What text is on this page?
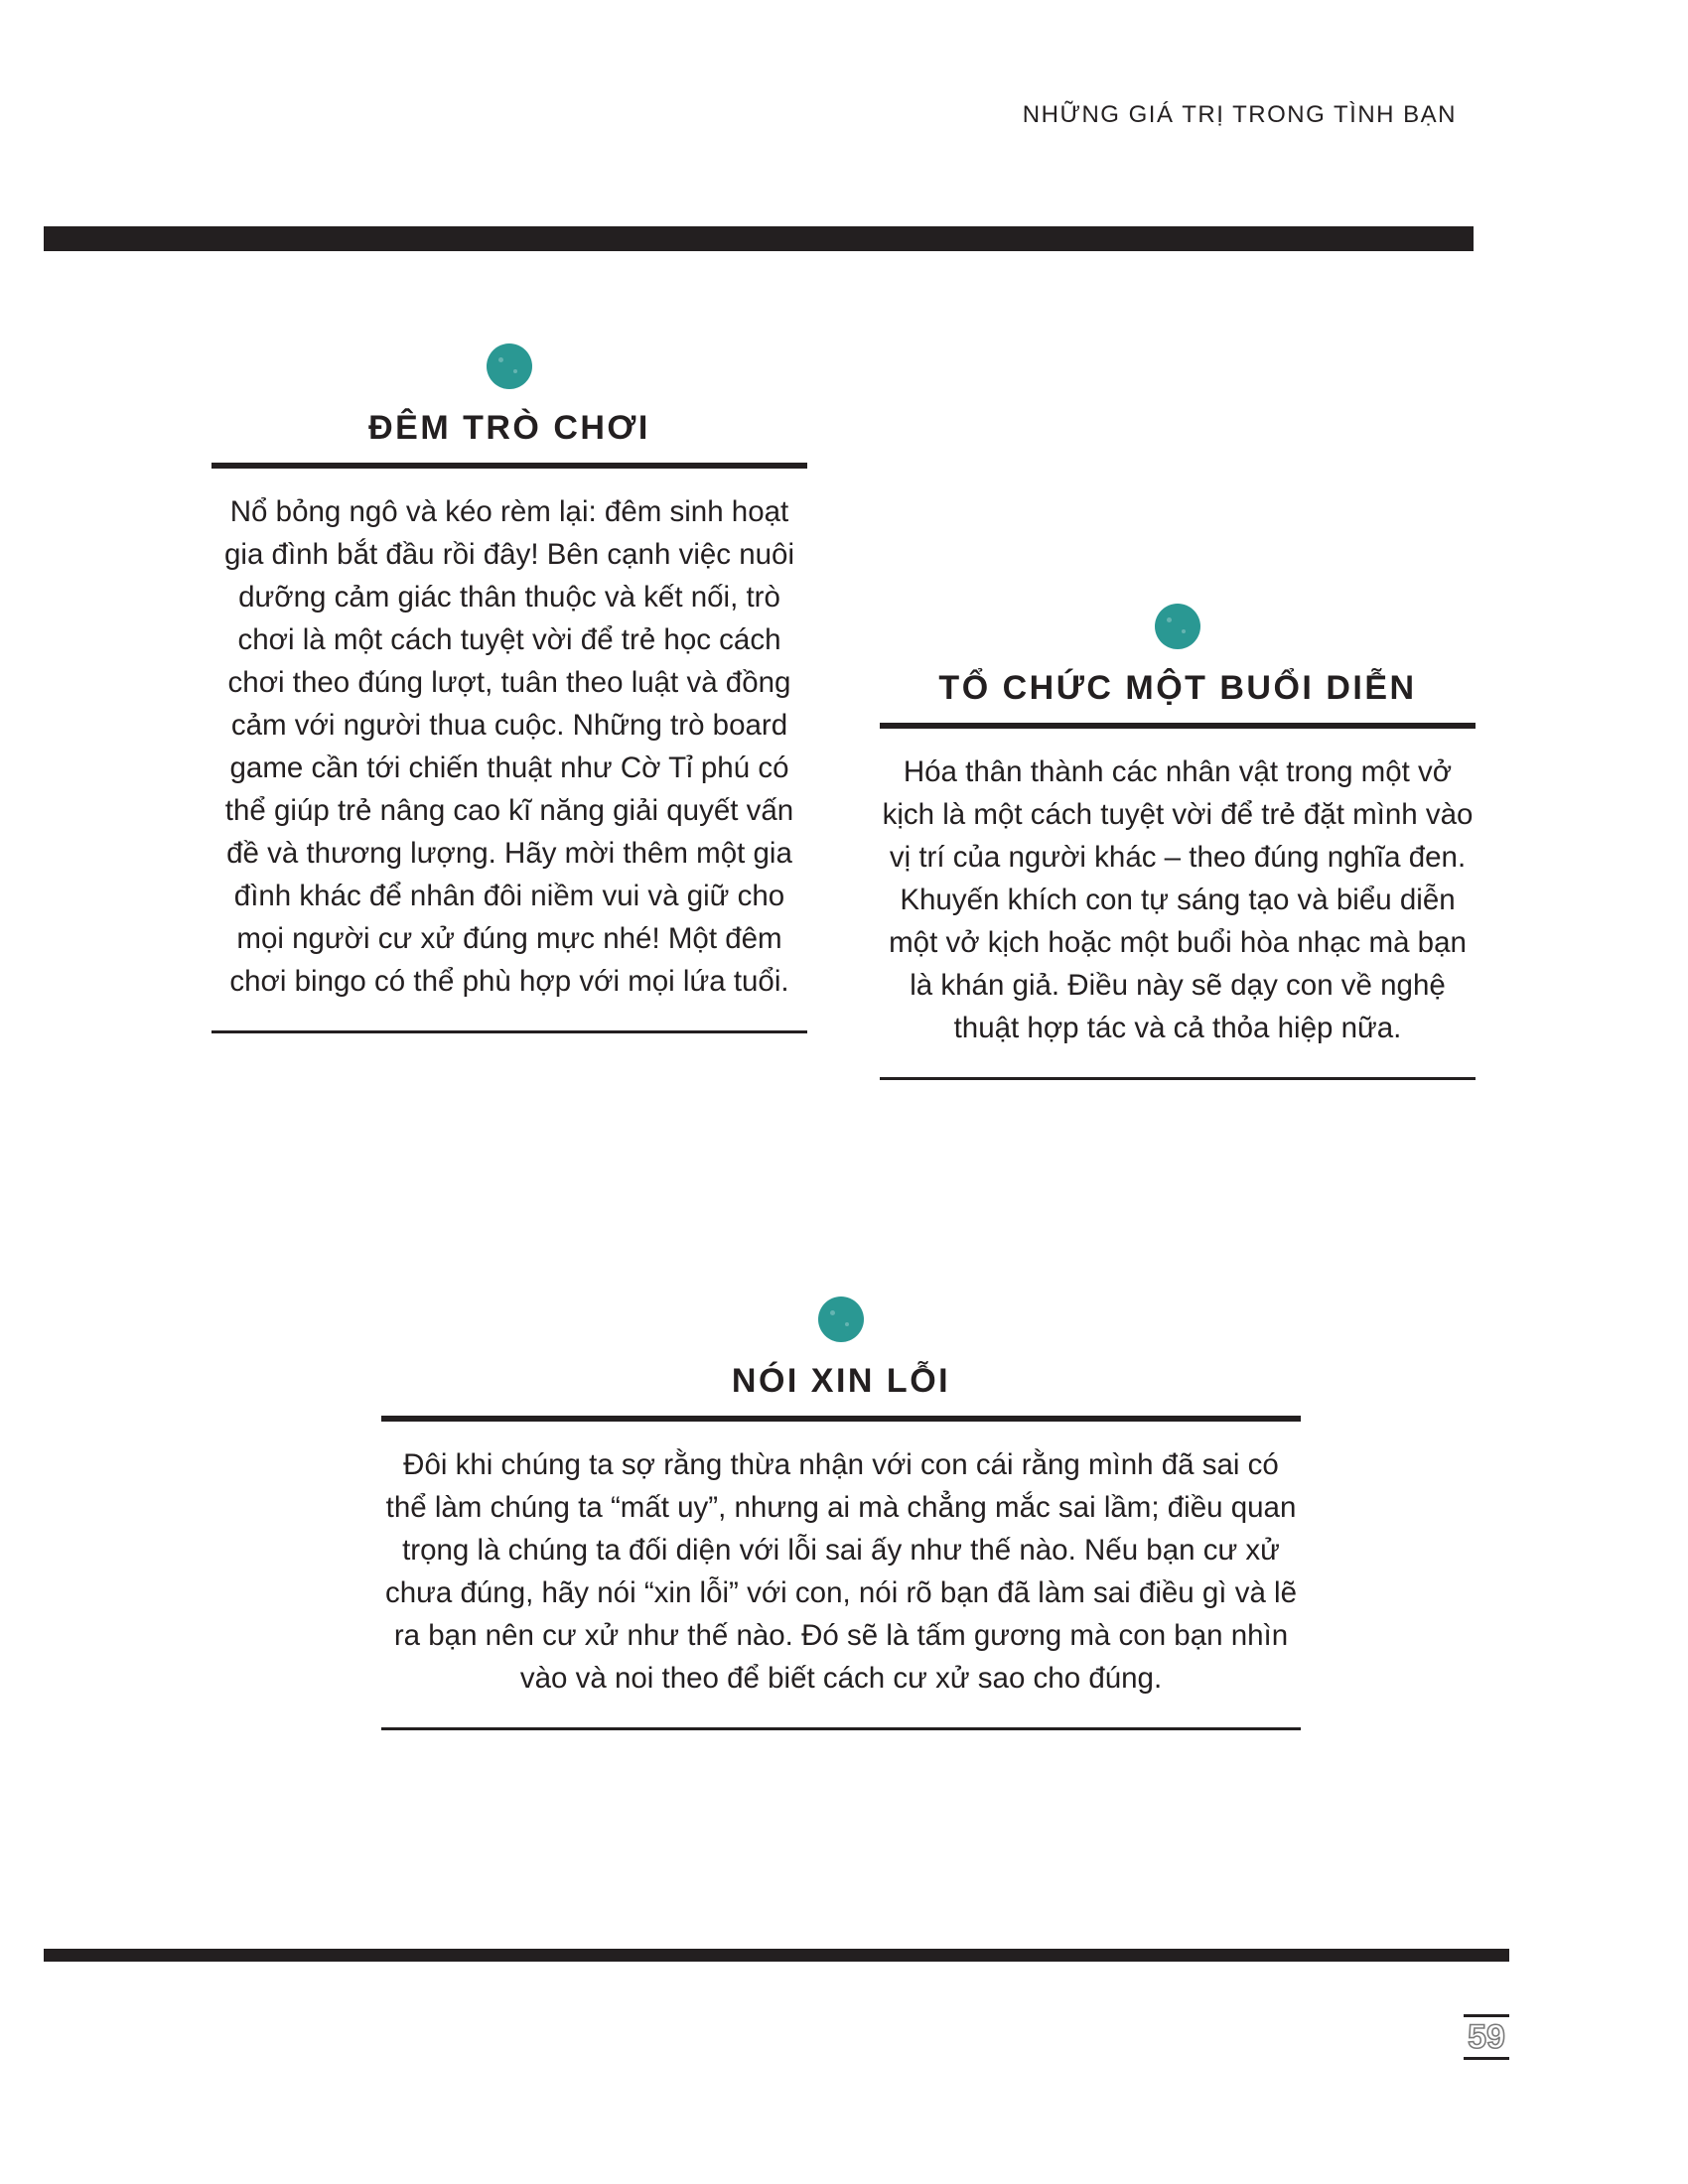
NHỮNG GIÁ TRỊ TRONG TÌNH BẠN
ĐÊM TRÒ CHƠI

Nổ bỏng ngô và kéo rèm lại: đêm sinh hoạt gia đình bắt đầu rồi đây! Bên cạnh việc nuôi dưỡng cảm giác thân thuộc và kết nối, trò chơi là một cách tuyệt vời để trẻ học cách chơi theo đúng lượt, tuân theo luật và đồng cảm với người thua cuộc. Những trò board game cần tới chiến thuật như Cờ Tỉ phú có thể giúp trẻ nâng cao kĩ năng giải quyết vấn đề và thương lượng. Hãy mời thêm một gia đình khác để nhân đôi niềm vui và giữ cho mọi người cư xử đúng mực nhé! Một đêm chơi bingo có thể phù hợp với mọi lứa tuổi.

TỔ CHỨC MỘT BUỔI DIỄN

Hóa thân thành các nhân vật trong một vở kịch là một cách tuyệt vời để trẻ đặt mình vào vị trí của người khác – theo đúng nghĩa đen. Khuyến khích con tự sáng tạo và biểu diễn một vở kịch hoặc một buổi hòa nhạc mà bạn là khán giả. Điều này sẽ dạy con về nghệ thuật hợp tác và cả thỏa hiệp nữa.

NÓI XIN LỖI

Đôi khi chúng ta sợ rằng thừa nhận với con cái rằng mình đã sai có thể làm chúng ta “mất uy”, nhưng ai mà chẳng mắc sai lầm; điều quan trọng là chúng ta đối diện với lỗi sai ấy như thế nào. Nếu bạn cư xử chưa đúng, hãy nói “xin lỗi” với con, nói rõ bạn đã làm sai điều gì và lẽ ra bạn nên cư xử như thế nào. Đó sẽ là tấm gương mà con bạn nhìn vào và noi theo để biết cách cư xử sao cho đúng.

59
